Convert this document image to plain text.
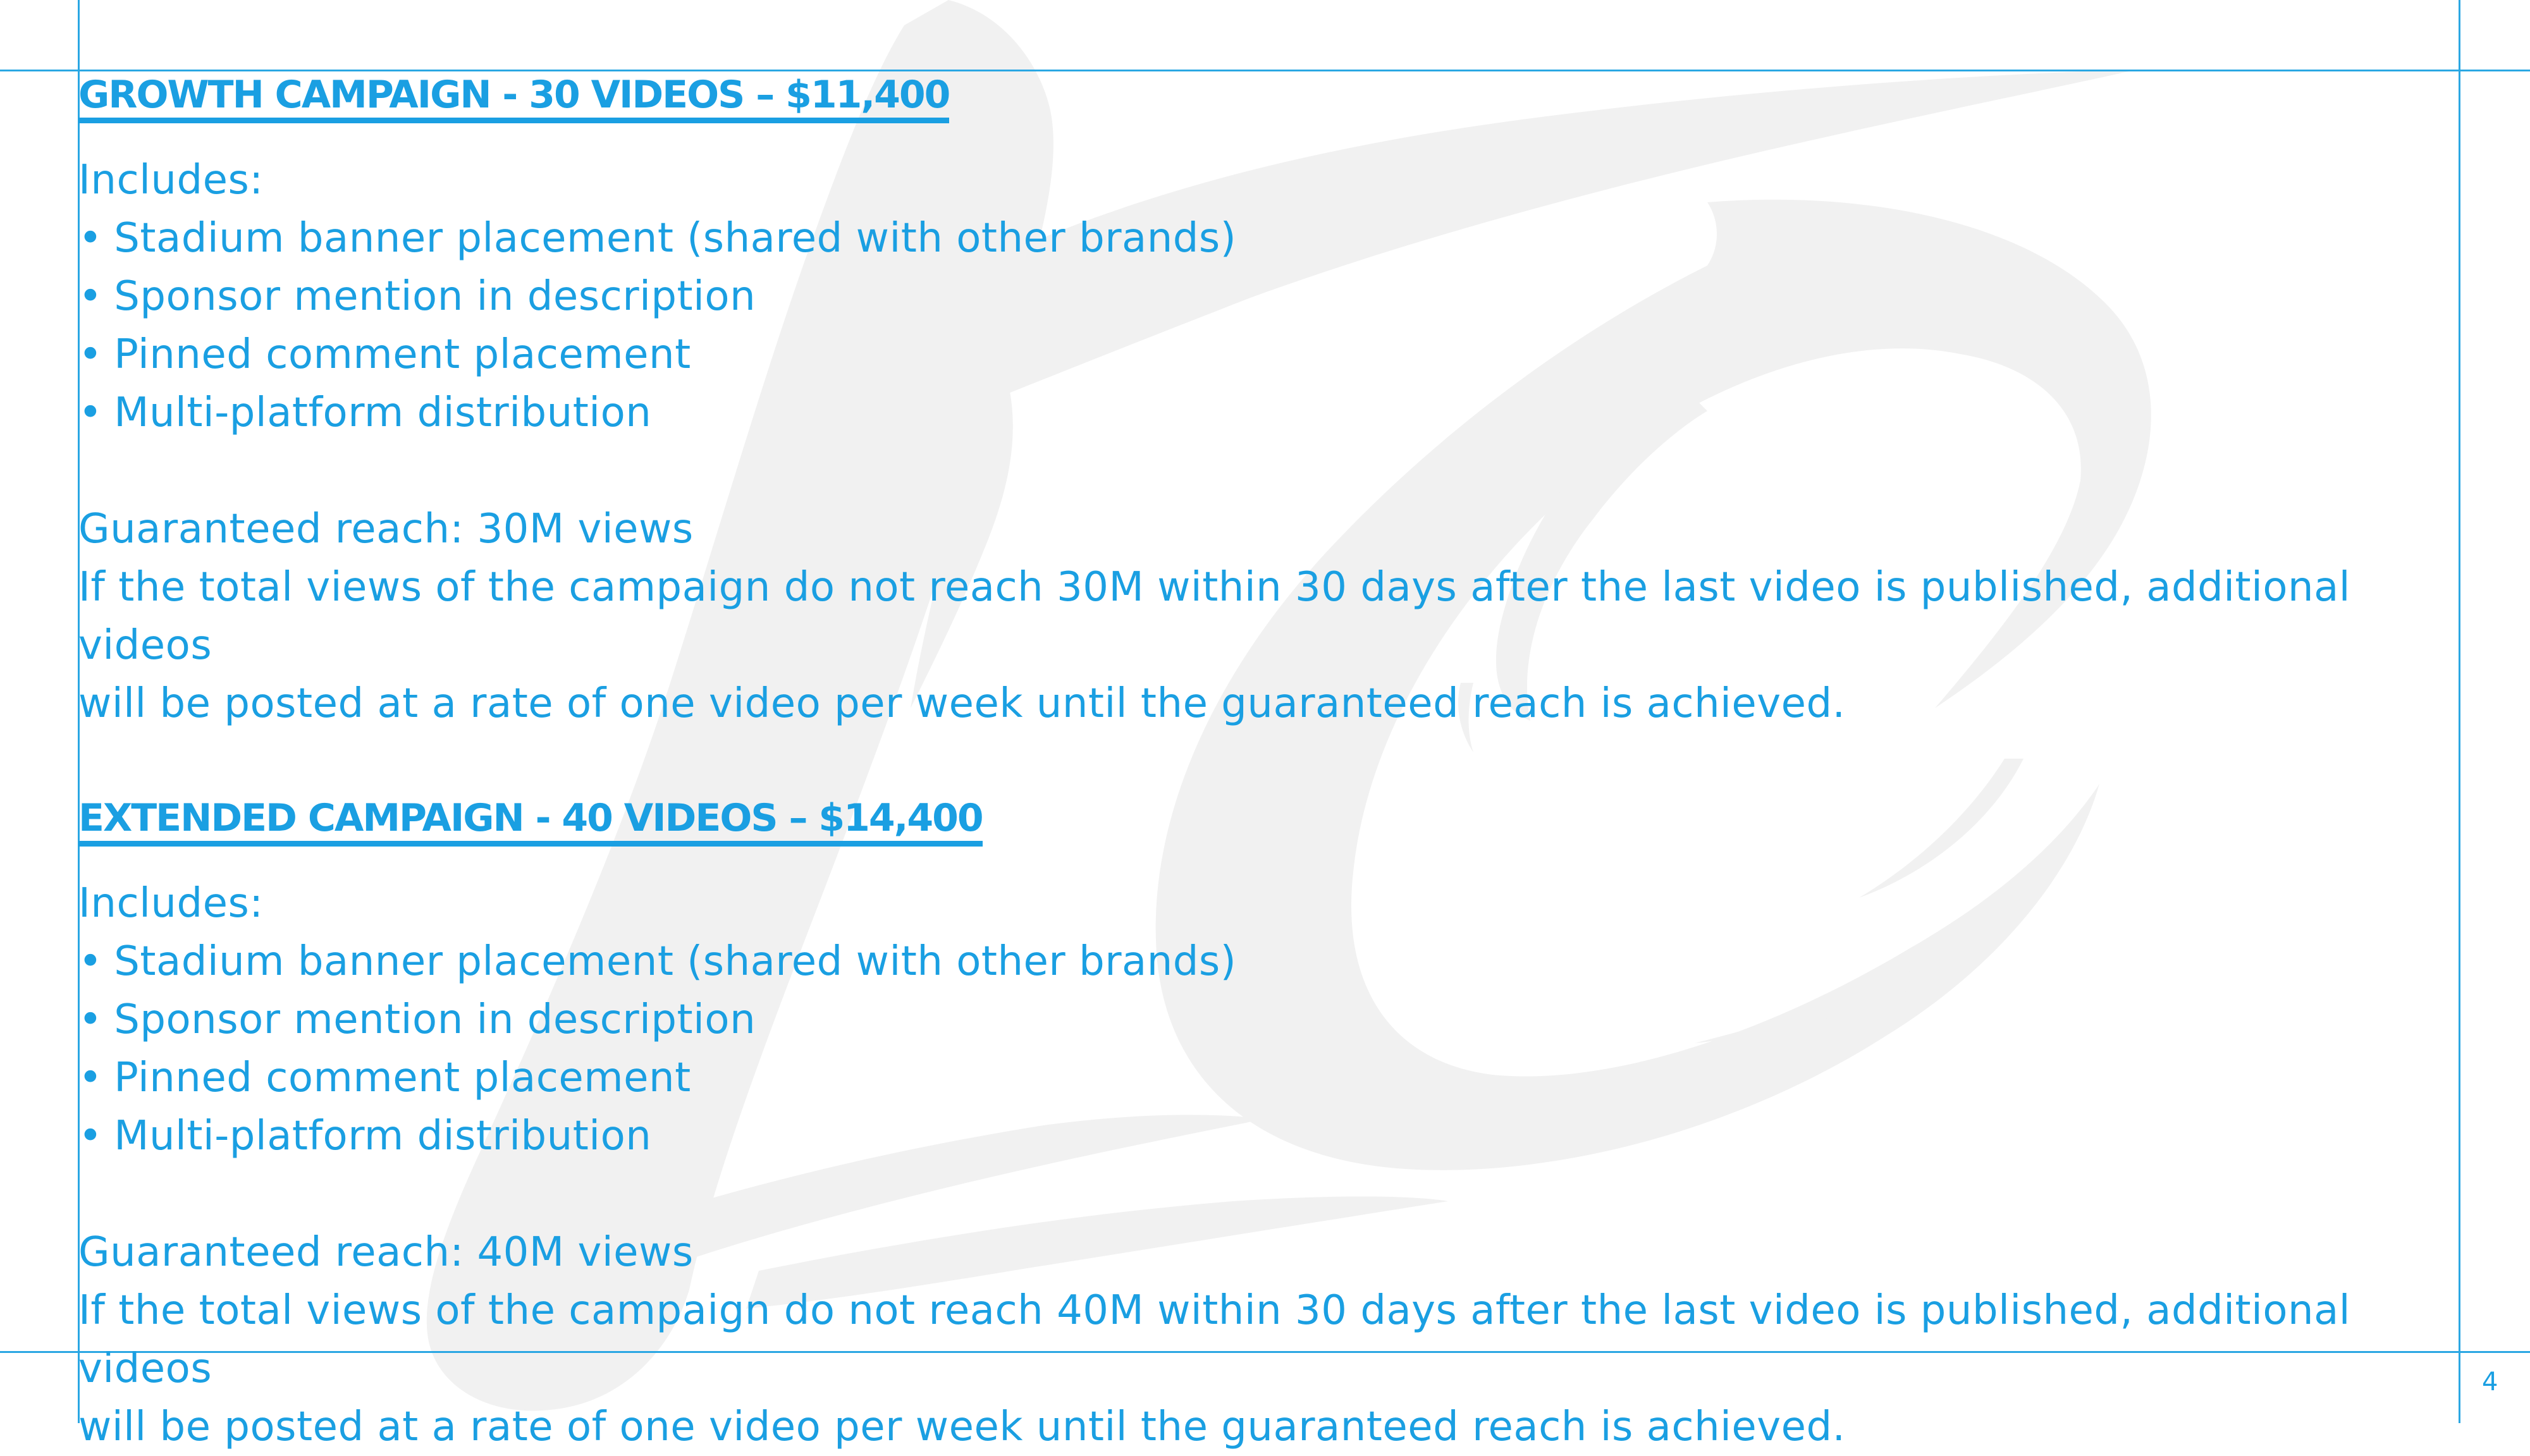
GROWTH CAMPAIGN - 30 VIDEOS – $11,400
Includes:
• Stadium banner placement (shared with other brands)
• Sponsor mention in description
• Pinned comment placement
• Multi-platform distribution
Guaranteed reach: 30M views
If the total views of the campaign do not reach 30M within 30 days after the last video is published, additional videos
will be posted at a rate of one video per week until the guaranteed reach is achieved.
EXTENDED CAMPAIGN - 40 VIDEOS – $14,400
Includes:
• Stadium banner placement (shared with other brands)
• Sponsor mention in description
• Pinned comment placement
• Multi-platform distribution
Guaranteed reach: 40M views
If the total views of the campaign do not reach 40M within 30 days after the last video is published, additional videos
will be posted at a rate of one video per week until the guaranteed reach is achieved.
4
